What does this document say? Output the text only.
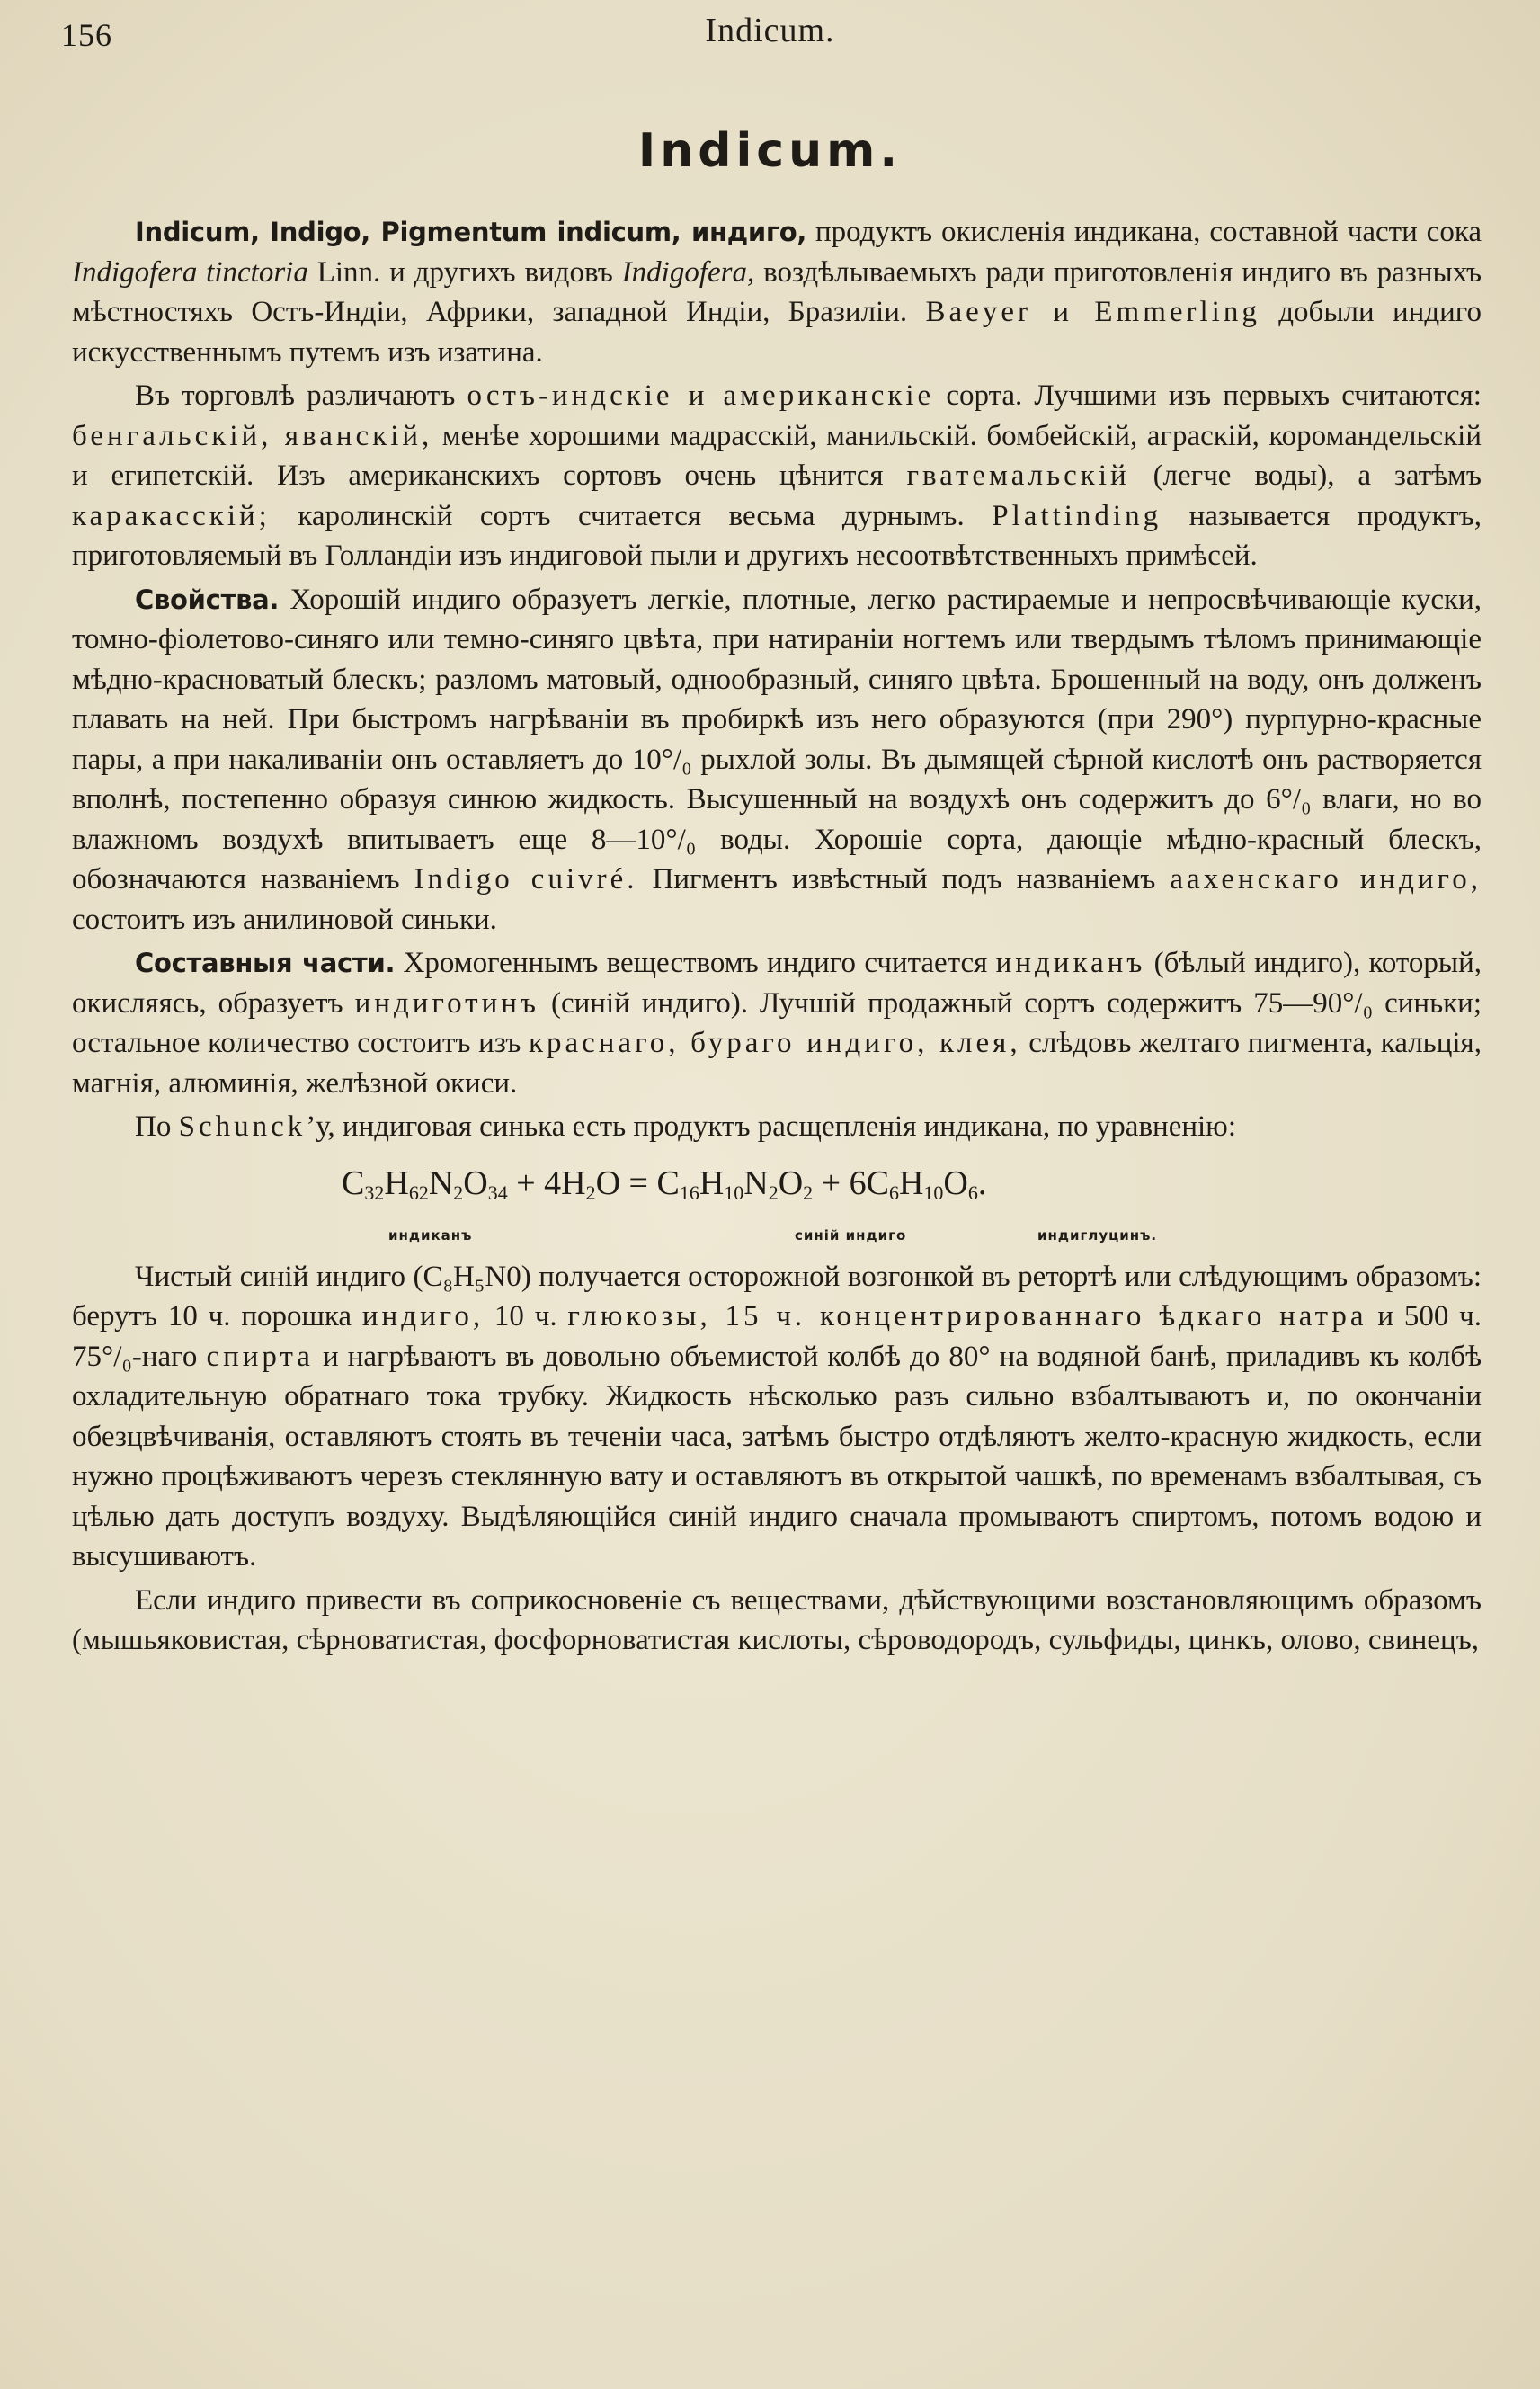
156	Indicum.
Indicum.

Indicum, Indigo, Pigmentum indicum, индиго, продуктъ окисленія индикана, составной части сока Indigofera tinctoria Linn. и другихъ видовъ Indigofera, воздѣлываемыхъ ради приготовленія индиго въ разныхъ мѣстностяхъ Остъ-Индіи, Африки, западной Индіи, Бразиліи. Baeyer и Emmerling добыли индиго искусственнымъ путемъ изъ изатина.

Въ торговлѣ различаютъ остъ-индскіе и американскіе сорта. Лучшими изъ первыхъ считаются: бенгальскій, яванскій, менѣе хорошими мадрасскій, манильскій. бомбейскій, аграскій, коромандельскій и египетскій. Изъ американскихъ сортовъ очень цѣнится гватемальскій (легче воды), а затѣмъ каракасскій; каролинскій сортъ считается весьма дурнымъ. Plattinding называется продуктъ, приготовляемый въ Голландіи изъ индиговой пыли и другихъ несоотвѣтственныхъ примѣсей.

Свойства. Хорошій индиго образуетъ легкіе, плотные, легко растираемые и непросвѣчивающіе куски, томно-фіолетово-синяго или темно-синяго цвѣта, при натираніи ногтемъ или твердымъ тѣломъ принимающіе мѣдно-красноватый блескъ; разломъ матовый, однообразный, синяго цвѣта. Брошенный на воду, онъ долженъ плавать на ней. При быстромъ нагрѣваніи въ пробиркѣ изъ него образуются (при 290°) пурпурно-красные пары, а при накаливаніи онъ оставляетъ до 10°/₀ рыхлой золы. Въ дымящей сѣрной кислотѣ онъ растворяется вполнѣ, постепенно образуя синюю жидкость. Высушенный на воздухѣ онъ содержитъ до 6°/₀ влаги, но во влажномъ воздухѣ впитываетъ еще 8—10°/₀ воды. Хорошіе сорта, дающіе мѣдно-красный блескъ, обозначаются названіемъ Indigo cuivré. Пигментъ извѣстный подъ названіемъ аахенскаго индиго, состоитъ изъ анилиновой синьки.

Составныя части. Хромогеннымъ веществомъ индиго считается индиканъ (бѣлый индиго), который, окисляясь, образуетъ индиготинъ (синій индиго). Лучшій продажный сортъ содержитъ 75—90°/₀ синьки; остальное количество состоитъ изъ краснаго, бураго индиго, клея, слѣдовъ желтаго пигмента, кальція, магнія, алюминія, желѣзной окиси.

По Schunck’у, индиговая синька есть продуктъ расщепленія индикана, по уравненію:

$C_{32}H_{62}N_2O_{34} + 4H_2O = C_{16}H_{10}N_2O_2 + 6C_6H_{10}O_6$.
индиканъ	синій индиго	индиглуцинъ.

Чистый синій индиго (C₈H₅N0) получается осторожной возгонкой въ ретортѣ или слѣдующимъ образомъ: берутъ 10 ч. порошка индиго, 10 ч. глюкозы, 15 ч. концентрированнаго ѣдкаго натра и 500 ч. 75°/₀-наго спирта и нагрѣваютъ въ довольно объемистой колбѣ до 80° на водяной банѣ, приладивъ къ колбѣ охладительную обратнаго тока трубку. Жидкость нѣсколько разъ сильно взбалтываютъ и, по окончаніи обезцвѣчиванія, оставляютъ стоять въ теченіи часа, затѣмъ быстро отдѣляютъ желто-красную жидкость, если нужно процѣживаютъ черезъ стеклянную вату и оставляютъ въ открытой чашкѣ, по временамъ взбалтывая, съ цѣлью дать доступъ воздуху. Выдѣляющійся синій индиго сначала промываютъ спиртомъ, потомъ водою и высушиваютъ.

Если индиго привести въ соприкосновеніе съ веществами, дѣйствующими возстановляющимъ образомъ (мышьяковистая, сѣрноватистая, фосфорноватистая кислоты, сѣроводородъ, сульфиды, цинкъ, олово, свинецъ,
